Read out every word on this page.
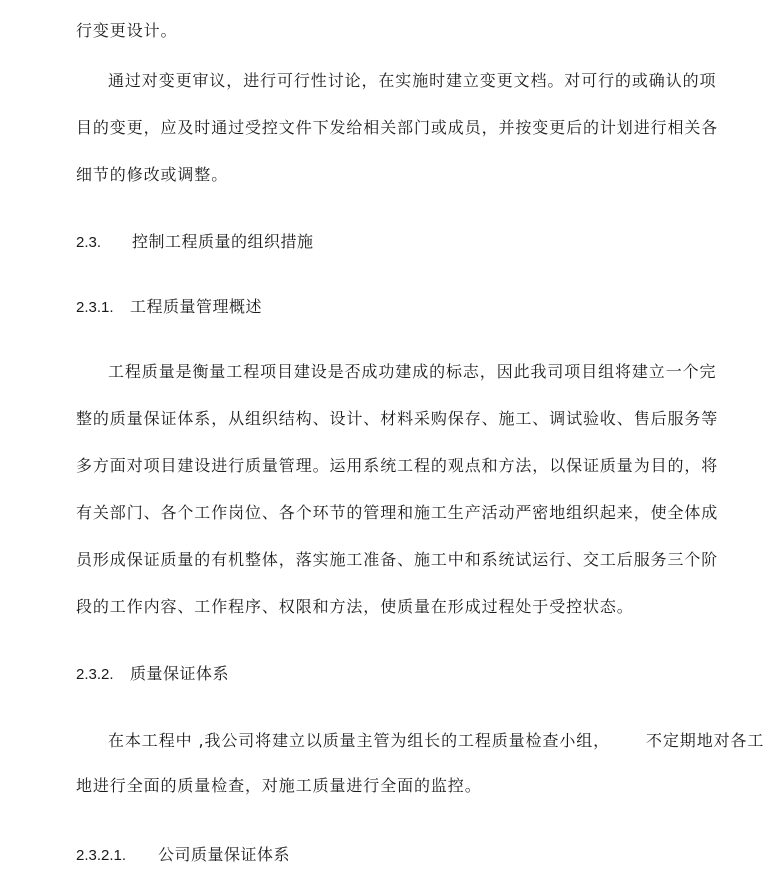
行变更设计。
通过对变更审议，进行可行性讨论，在实施时建立变更文档。对可行的或确认的项
目的变更，应及时通过受控文件下发给相关部门或成员，并按变更后的计划进行相关各
细节的修改或调整。
2.3. 控制工程质量的组织措施
2.3.1. 工程质量管理概述
工程质量是衡量工程项目建设是否成功建成的标志，因此我司项目组将建立一个完
整的质量保证体系，从组织结构、设计、材料采购保存、施工、调试验收、售后服务等
多方面对项目建设进行质量管理。运用系统工程的观点和方法，以保证质量为目的，将
有关部门、各个工作岗位、各个环节的管理和施工生产活动严密地组织起来，使全体成
员形成保证质量的有机整体，落实施工准备、施工中和系统试运行、交工后服务三个阶
段的工作内容、工作程序、权限和方法，使质量在形成过程处于受控状态。
2.3.2. 质量保证体系
在本工程中 ,我公司将建立以质量主管为组长的工程质量检查小组，      不定期地对各工
地进行全面的质量检查，对施工质量进行全面的监控。
2.3.2.1. 公司质量保证体系
